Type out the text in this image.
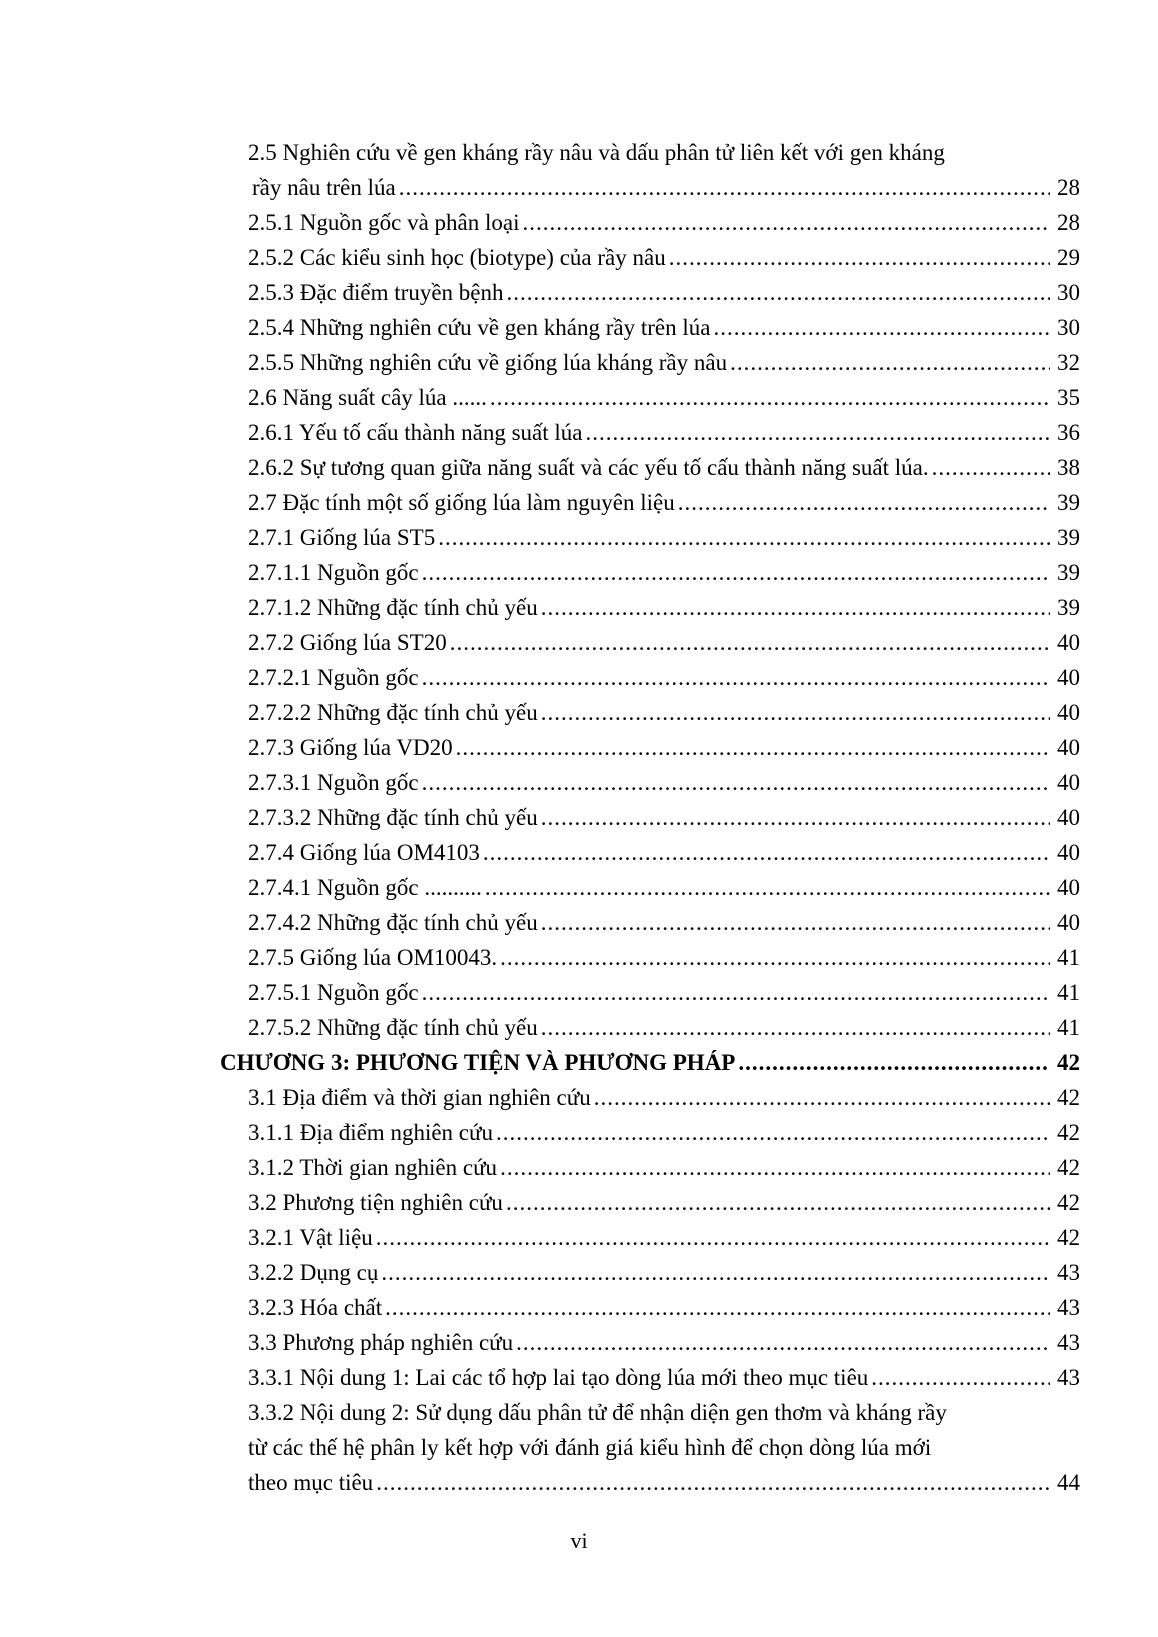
2.5 Nghiên cứu về gen kháng rầy nâu và dấu phân tử liên kết với gen kháng
rầy nâu trên lúa .....	28
2.5.1 Nguồn gốc và phân loại .....	28
2.5.2 Các kiểu sinh học (biotype) của rầy nâu .....	29
2.5.3 Đặc điểm truyền bệnh .....	30
2.5.4 Những nghiên cứu về gen kháng rầy trên lúa .....	30
2.5.5 Những nghiên cứu về giống lúa kháng rầy nâu .....	32
2.6 Năng suất cây lúa ...... .....	35
2.6.1 Yếu tố cấu thành năng suất lúa .....	36
2.6.2 Sự tương quan giữa năng suất và các yếu tố cấu thành năng suất lúa. .....	38
2.7 Đặc tính một số giống lúa làm nguyên liệu .....	39
2.7.1 Giống lúa ST5 .....	39
2.7.1.1 Nguồn gốc .....	39
2.7.1.2 Những đặc tính chủ yếu .....	39
2.7.2 Giống lúa ST20 .....	40
2.7.2.1 Nguồn gốc .....	40
2.7.2.2 Những đặc tính chủ yếu .....	40
2.7.3 Giống lúa VD20 .....	40
2.7.3.1 Nguồn gốc .....	40
2.7.3.2 Những đặc tính chủ yếu .....	40
2.7.4 Giống lúa OM4103 .....	40
2.7.4.1 Nguồn gốc .......... .....	40
2.7.4.2 Những đặc tính chủ yếu .....	40
2.7.5 Giống lúa OM10043. .....	41
2.7.5.1 Nguồn gốc .....	41
2.7.5.2 Những đặc tính chủ yếu .....	41
CHƯƠNG 3: PHƯƠNG TIỆN VÀ PHƯƠNG PHÁP .....	42
3.1 Địa điểm và thời gian nghiên cứu .....	42
3.1.1 Địa điểm nghiên cứu .....	42
3.1.2 Thời gian nghiên cứu .....	42
3.2 Phương tiện nghiên cứu .....	42
3.2.1 Vật liệu .....	42
3.2.2 Dụng cụ .....	43
3.2.3 Hóa chất .....	43
3.3 Phương pháp nghiên cứu .....	43
3.3.1 Nội dung 1: Lai các tổ hợp lai tạo dòng lúa mới theo mục tiêu .....	43
3.3.2 Nội dung 2: Sử dụng dấu phân tử để nhận diện gen thơm và kháng rầy
từ các thế hệ phân ly kết hợp với đánh giá kiểu hình để chọn dòng lúa mới
theo mục tiêu .....	44
vi
